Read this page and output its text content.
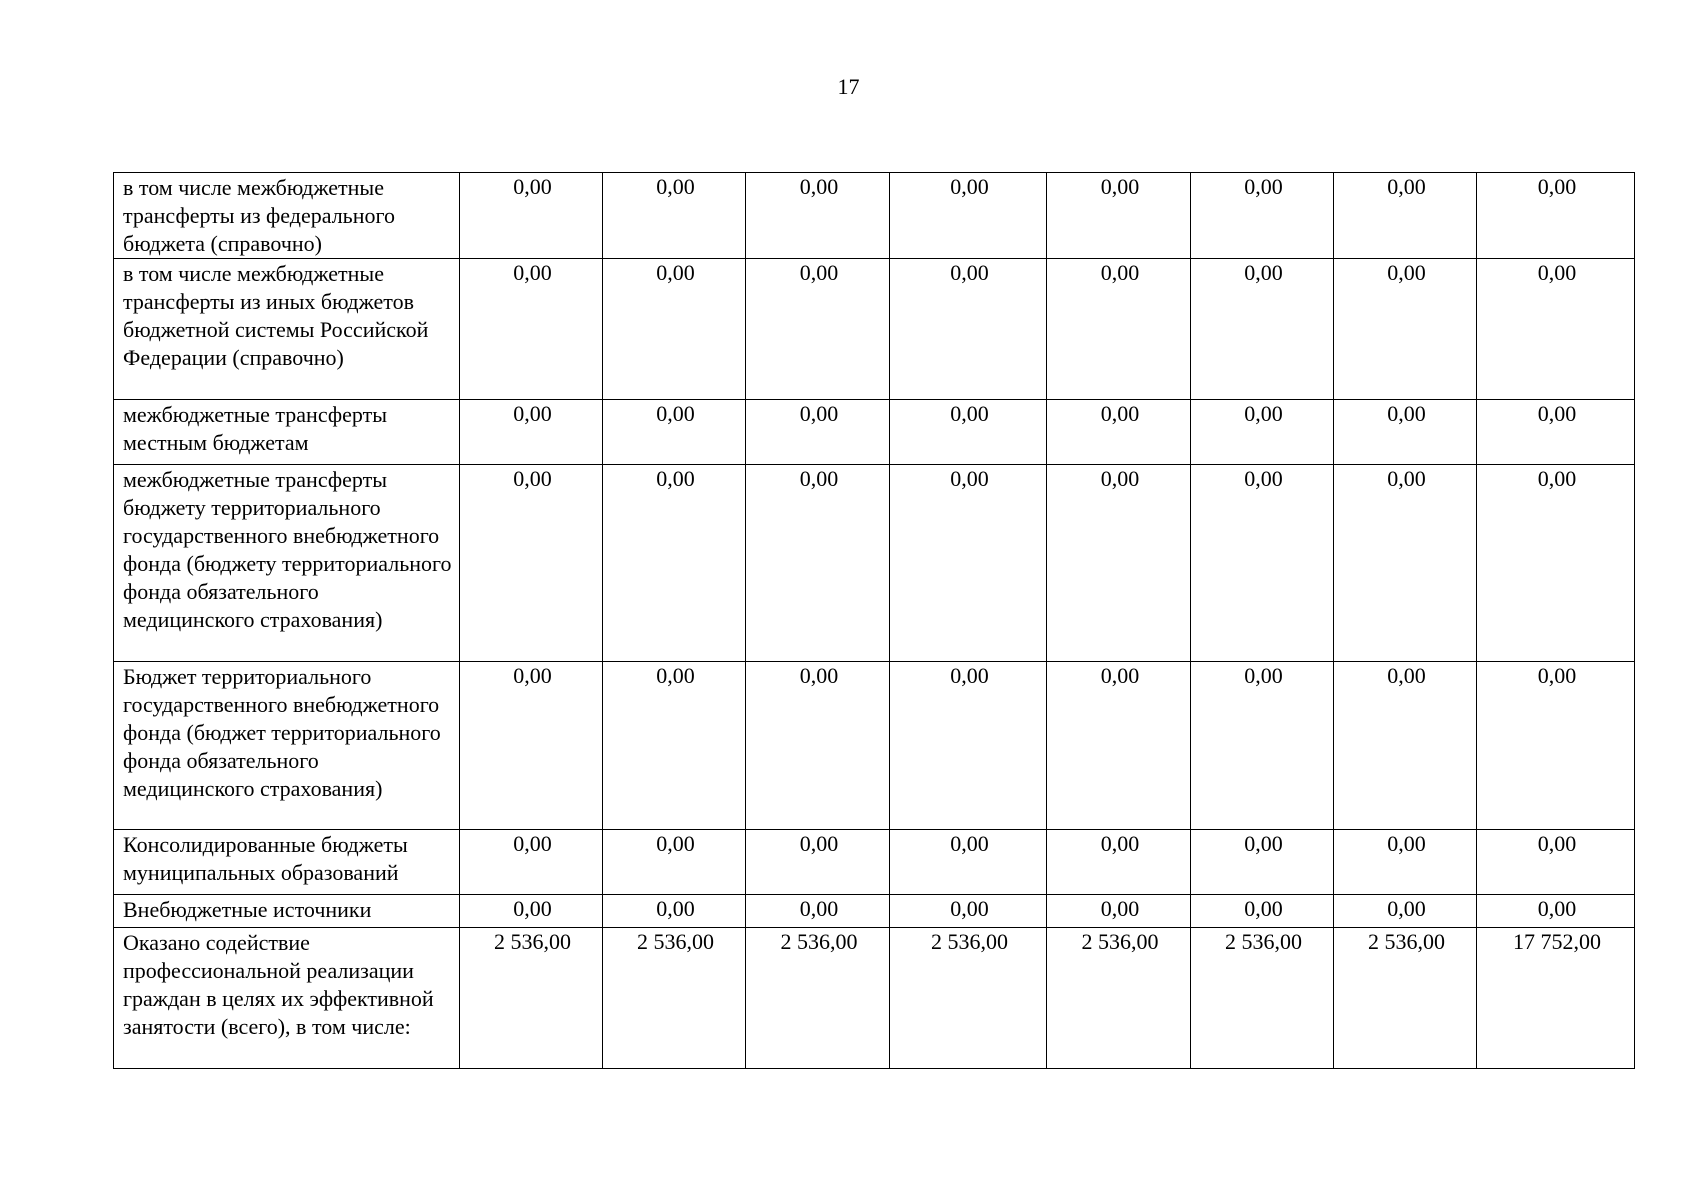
17
в том числе межбюджетные трансферты из федерального бюджета (справочно)	0,00	0,00	0,00	0,00	0,00	0,00	0,00	0,00

в том числе межбюджетные трансферты из иных бюджетов бюджетной системы Российской Федерации (справочно)	0,00	0,00	0,00	0,00	0,00	0,00	0,00	0,00

межбюджетные трансферты местным бюджетам	0,00	0,00	0,00	0,00	0,00	0,00	0,00	0,00

межбюджетные трансферты бюджету территориального государственного внебюджетного фонда (бюджету территориального фонда обязательного медицинского страхования)	0,00	0,00	0,00	0,00	0,00	0,00	0,00	0,00

Бюджет территориального государственного внебюджетного фонда (бюджет территориального фонда обязательного медицинского страхования)	0,00	0,00	0,00	0,00	0,00	0,00	0,00	0,00

Консолидированные бюджеты муниципальных образований	0,00	0,00	0,00	0,00	0,00	0,00	0,00	0,00

Внебюджетные источники	0,00	0,00	0,00	0,00	0,00	0,00	0,00	0,00

Оказано содействие профессиональной реализации граждан в целях их эффективной занятости (всего), в том числе:	2 536,00	2 536,00	2 536,00	2 536,00	2 536,00	2 536,00	2 536,00	17 752,00
